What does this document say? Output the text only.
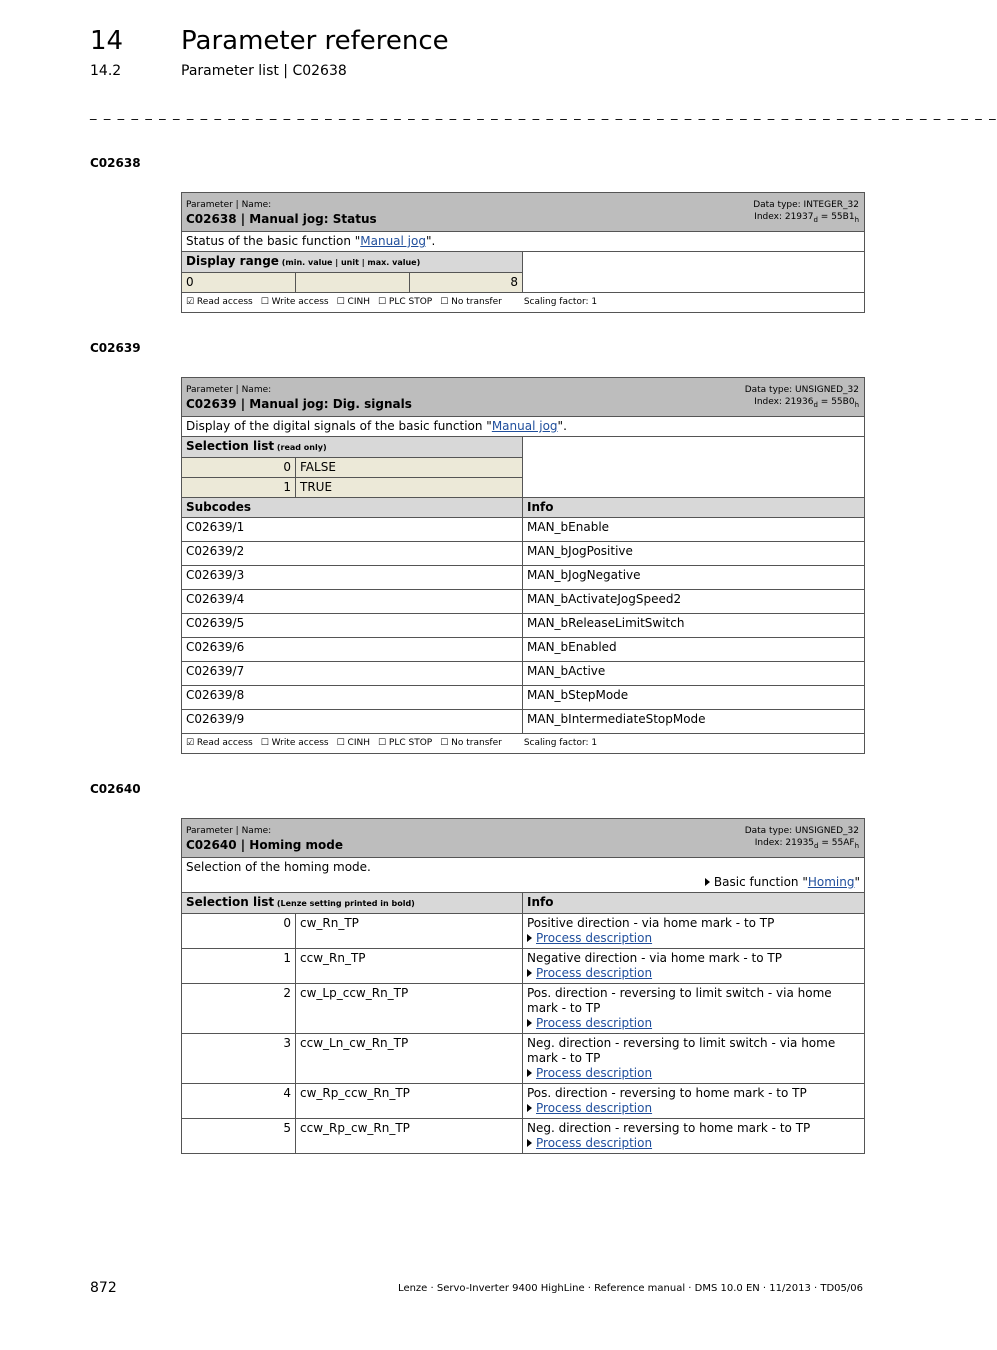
14 Parameter reference
14.2	Parameter list | C02638
_ _ _ _ _ _ _ _ _ _ _ _ _ _ _ _ _ _ _ _ _ _ _ _ _ _ _ _ _ _ _ _ _ _ _ _ _ _ _ _ _ _ _ _ _ _ _ _ _ _ _ _ _ _ _ _ _ _ _ _ _ _ _ _ _ _
C02638
Parameter | Name:
C02638 | Manual jog: Status
Data type: INTEGER_32
Index: $21937_d = 55B1_h$

Status of the basic function "Manual jog".			
Display range (min. value | unit | max. value)			
0		8	
☑ Read access ☐ Write access ☐ CINH ☐ PLC STOP ☐ No transfer Scaling factor: 1			
C02639
Parameter | Name:
C02639 | Manual jog: Dig. signals
Data type: UNSIGNED_32
Index: $21936_d = 55B0_h$

Display of the digital signals of the basic function "Manual jog".		
Selection list (read only)		
0	FALSE	
1	TRUE	
Subcodes		Info
C02639/1		MAN_bEnable
C02639/2		MAN_bJogPositive
C02639/3		MAN_bJogNegative
C02639/4		MAN_bActivateJogSpeed2
C02639/5		MAN_bReleaseLimitSwitch
C02639/6		MAN_bEnabled
C02639/7		MAN_bActive
C02639/8		MAN_bStepMode
C02639/9		MAN_bIntermediateStopMode
☑ Read access ☐ Write access ☐ CINH ☐ PLC STOP ☐ No transfer Scaling factor: 1		
C02640
Parameter | Name:
C02640 | Homing mode
Data type: UNSIGNED_32
Index: $21935_d = 55AF_h$

Selection of the homing mode.
Basic function "Homing"		

Selection list (Lenze setting printed in bold)		Info
0	cw_Rn_TP	Positive direction - via home mark - to TP
Process description

1	ccw_Rn_TP	Negative direction - via home mark - to TP
Process description

2	cw_Lp_ccw_Rn_TP	Pos. direction - reversing to limit switch - via home mark - to TP
Process description

3	ccw_Ln_cw_Rn_TP	Neg. direction - reversing to limit switch - via home mark - to TP
Process description

4	cw_Rp_ccw_Rn_TP	Pos. direction - reversing to home mark - to TP
Process description

5	ccw_Rp_cw_Rn_TP	Neg. direction - reversing to home mark - to TP
Process description
872	Lenze · Servo-Inverter 9400 HighLine · Reference manual · DMS 10.0 EN · 11/2013 · TD05/06
